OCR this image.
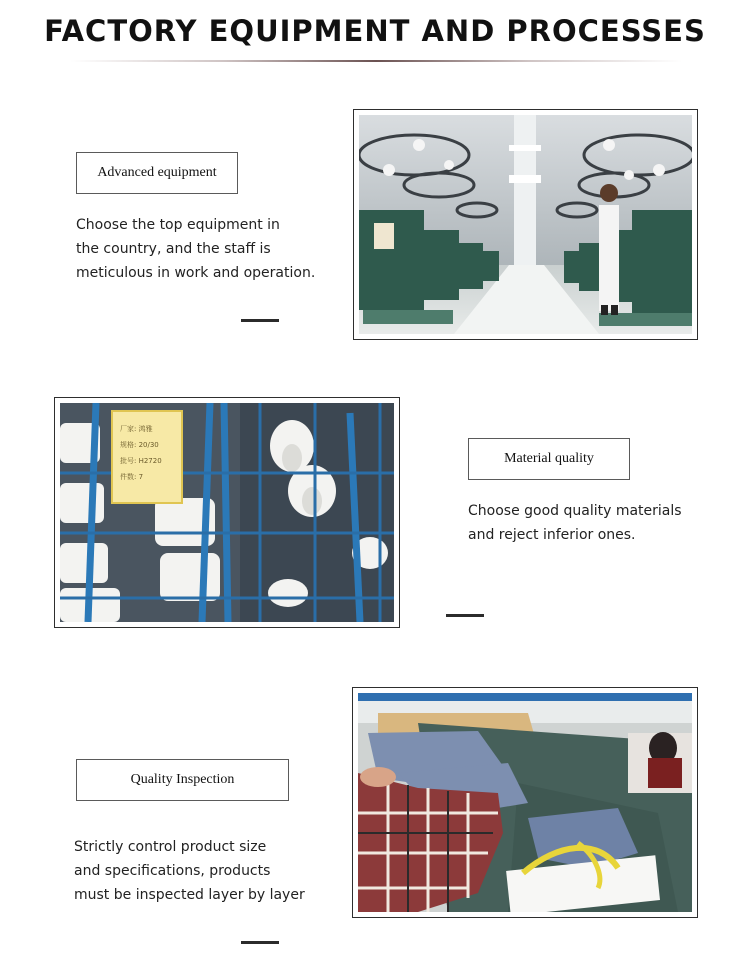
FACTORY EQUIPMENT AND PROCESSES
Advanced equipment
Choose the top equipment in
the country, and the staff is
meticulous in work and operation.
厂家: 鸿雅
规格: 20/30
批号: H2720
件数: 7
Material quality
Choose good quality materials
and reject inferior ones.
Quality Inspection
Strictly control product size
and specifications, products
must be inspected layer by layer
